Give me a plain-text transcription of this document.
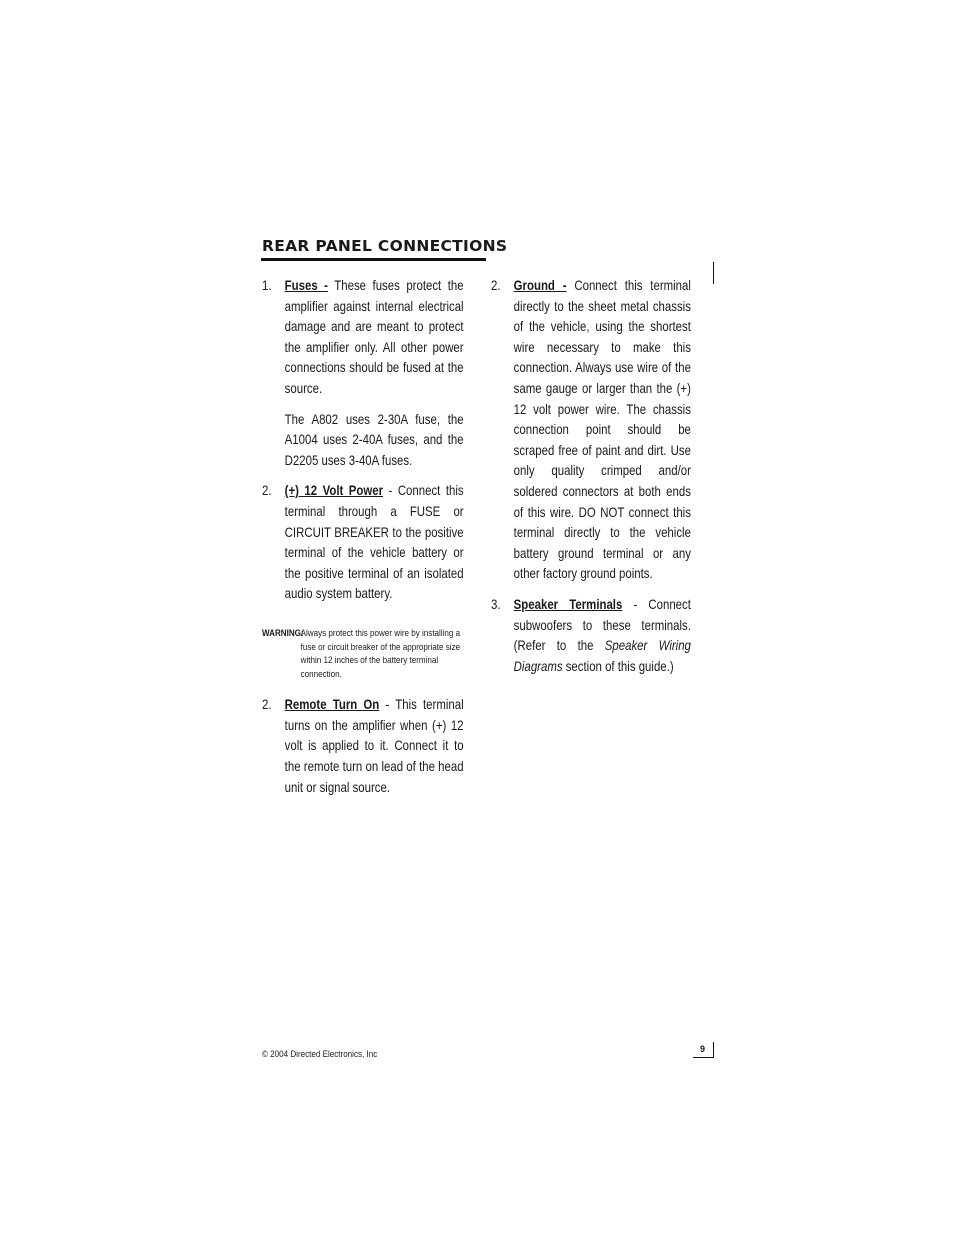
REAR PANEL CONNECTIONS
1. Fuses - These fuses protect the amplifier against internal electrical damage and are meant to protect the amplifier only. All other power connections should be fused at the source.

The A802 uses 2-30A fuse, the A1004 uses 2-40A fuses, and the D2205 uses 3-40A fuses.

2. (+) 12 Volt Power - Connect this terminal through a FUSE or CIRCUIT BREAKER to the positive terminal of the vehicle battery or the positive terminal of an isolated audio system battery.

WARNING:
Always protect this power wire by installing a fuse or circuit breaker of the appropriate size within 12 inches of the battery terminal connection.
2. Remote Turn On - This terminal turns on the amplifier when (+) 12 volt is applied to it. Connect it to the remote turn on lead of the head unit or signal source.

2. Ground - Connect this terminal directly to the sheet metal chassis of the vehicle, using the shortest wire necessary to make this connection. Always use wire of the same gauge or larger than the (+) 12 volt power wire. The chassis connection point should be scraped free of paint and dirt. Use only quality crimped and/or soldered connectors at both ends of this wire. DO NOT connect this terminal directly to the vehicle battery ground terminal or any other factory ground points.

3. Speaker Terminals - Connect subwoofers to these terminals. (Refer to the Speaker Wiring Diagrams section of this guide.)

© 2004 Directed Electronics, Inc	9
